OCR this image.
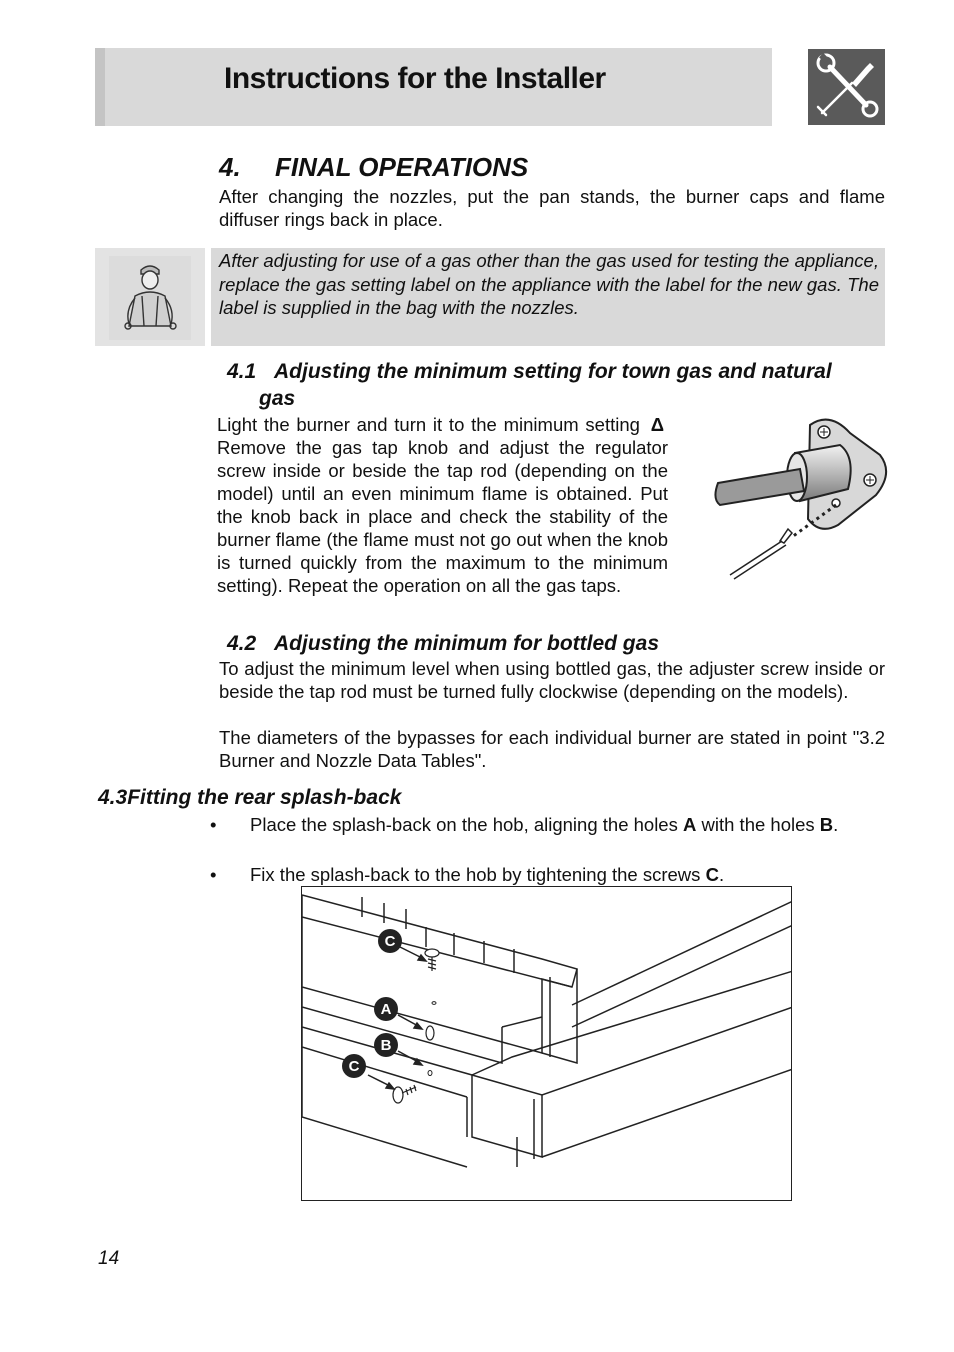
Instructions for the Installer
4. FINAL OPERATIONS
After changing the nozzles, put the pan stands, the burner caps and flame diffuser rings back in place.
After adjusting for use of a gas other than the gas used for testing the appliance, replace the gas setting label on the appliance with the label for the new gas. The label is supplied in the bag with the nozzles.
4.1 Adjusting the minimum setting for town gas and natural
gas
Light the burner and turn it to the minimum setting Δ Remove the gas tap knob and adjust the regulator screw inside or beside the tap rod (depending on the model) until an even minimum flame is obtained. Put the knob back in place and check the stability of the burner flame (the flame must not go out when the knob is turned quickly from the maximum to the minimum setting). Repeat the operation on all the gas taps.
4.2 Adjusting the minimum for bottled gas
To adjust the minimum level when using bottled gas, the adjuster screw inside or beside the tap rod must be turned fully clockwise (depending on the models).
The diameters of the bypasses for each individual burner are stated in point "3.2 Burner and Nozzle Data Tables".
4.3Fitting the rear splash-back
• Place the splash-back on the hob, aligning the holes A with the holes B.
• Fix the splash-back to the hob by tightening the screws C.
C
A
B
C
14
